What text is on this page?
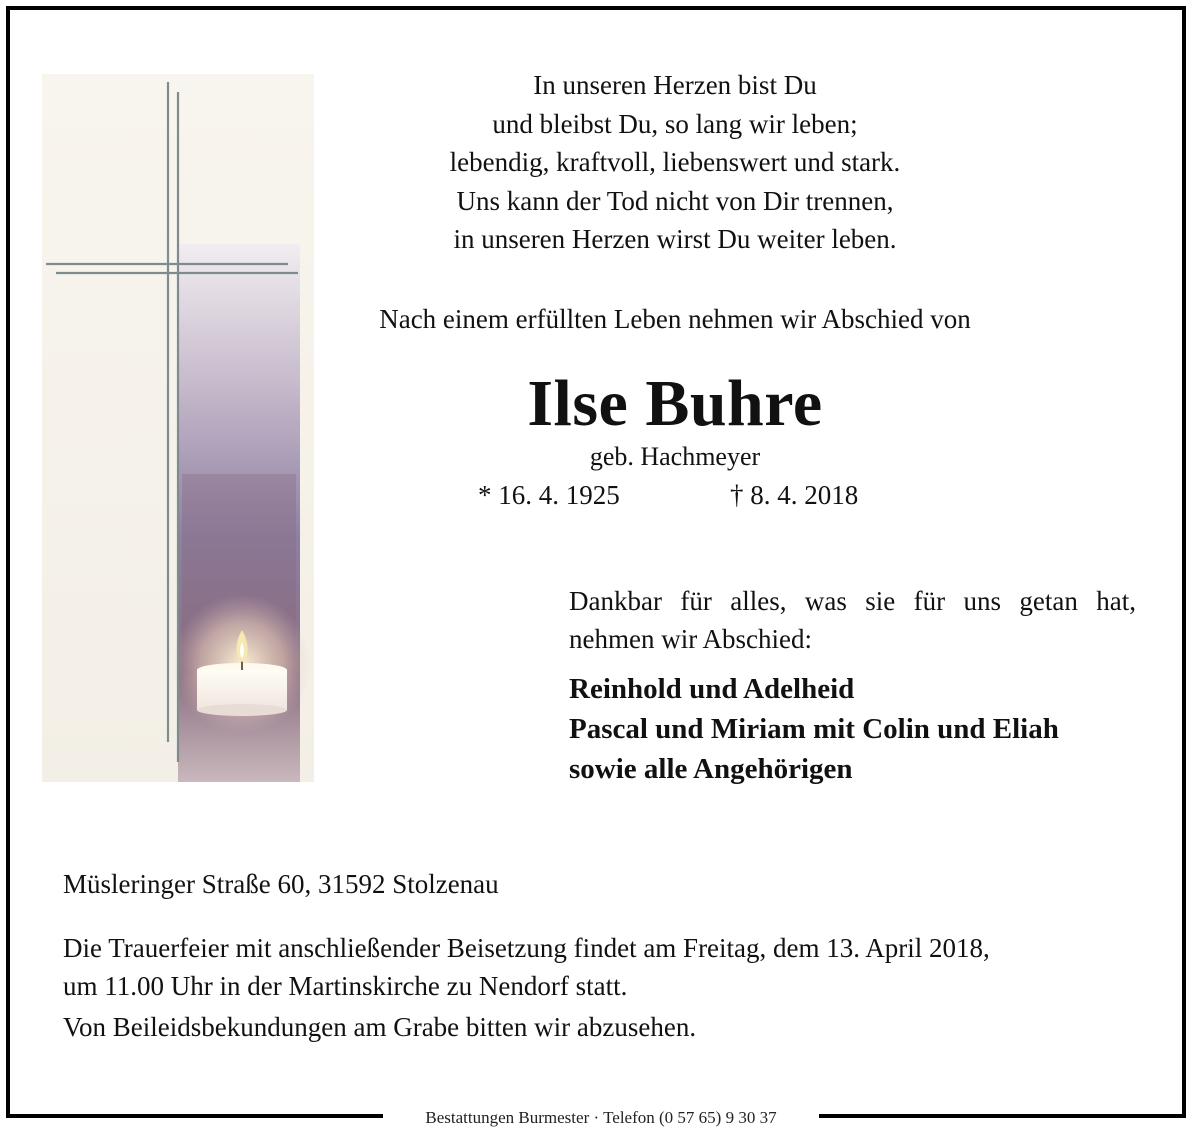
In unseren Herzen bist Du
und bleibst Du, so lang wir leben;
lebendig, kraftvoll, liebenswert und stark.
Uns kann der Tod nicht von Dir trennen,
in unseren Herzen wirst Du weiter leben.
Nach einem erfüllten Leben nehmen wir Abschied von
Ilse Buhre
geb. Hachmeyer
* 16. 4. 1925	† 8. 4. 2018
Dankbar für alles, was sie für uns getan hat,
nehmen wir Abschied:
Reinhold und Adelheid
Pascal und Miriam mit Colin und Eliah
sowie alle Angehörigen
Müsleringer Straße 60, 31592 Stolzenau
Die Trauerfeier mit anschließender Beisetzung findet am Freitag, dem 13. April 2018,
um 11.00 Uhr in der Martinskirche zu Nendorf statt.
Von Beileidsbekundungen am Grabe bitten wir abzusehen.
Bestattungen Burmester · Telefon (0 57 65) 9 30 37
